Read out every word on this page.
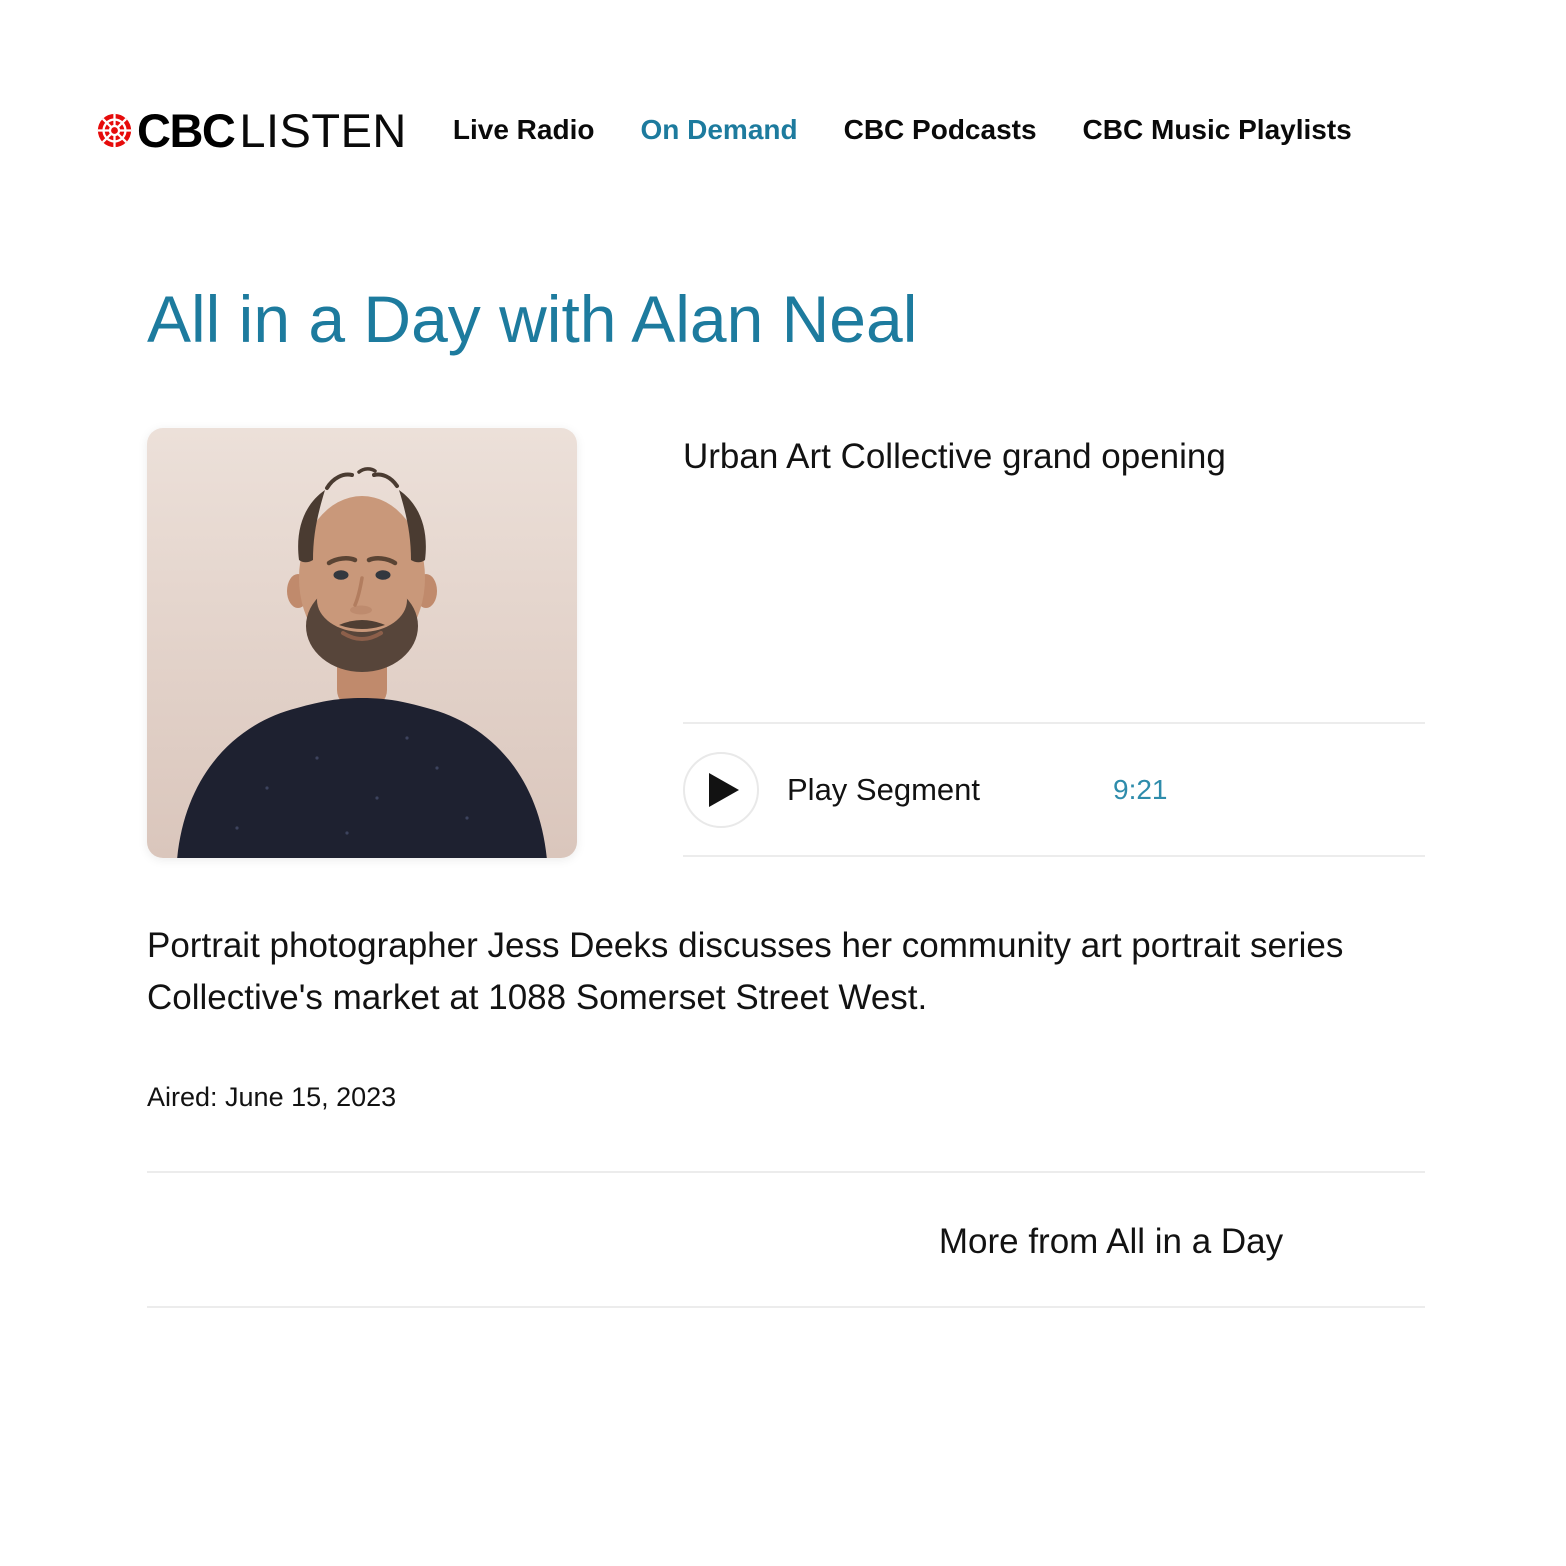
CBC LISTEN Live Radio On Demand CBC Podcasts CBC Music Playlists
All in a Day with Alan Neal
Urban Art Collective grand opening
Play Segment	9:21
Portrait photographer Jess Deeks discusses her community art portrait series
Collective's market at 1088 Somerset Street West.
Aired: June 15, 2023
More from All in a Day
